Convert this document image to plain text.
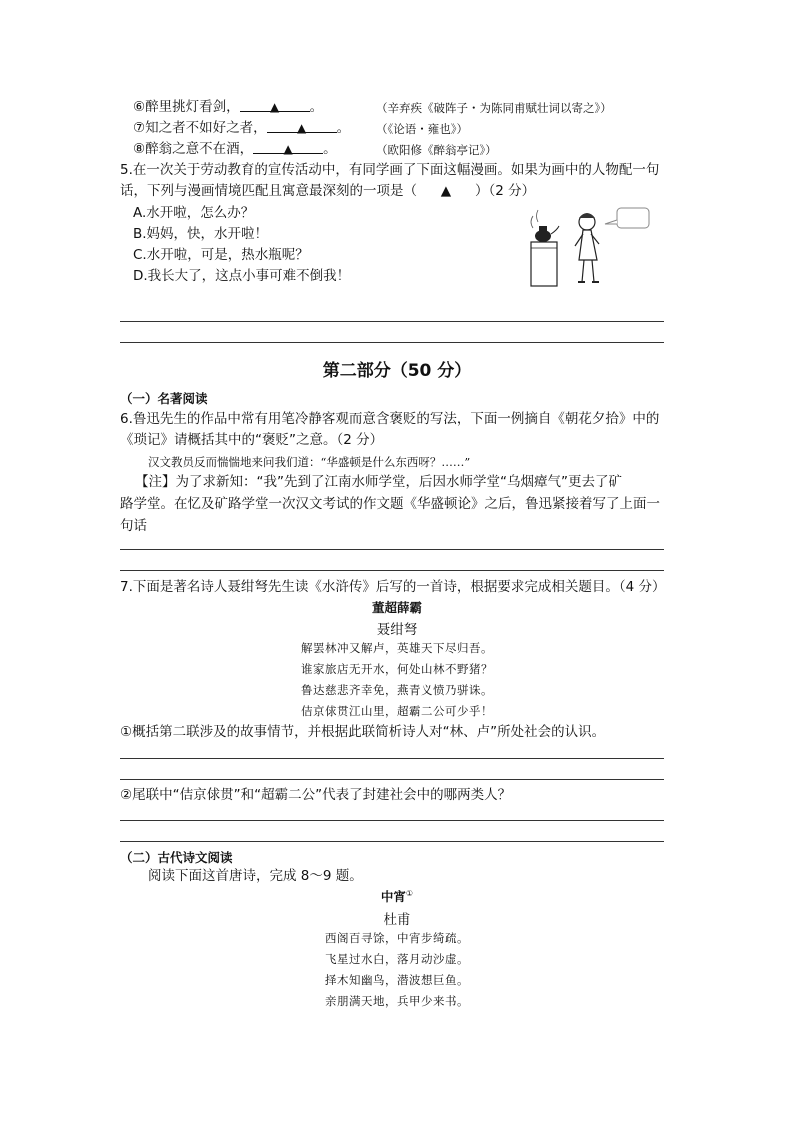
⑥醉里挑灯看剑，	▲ 。	（辛弃疾《破阵子・为陈同甫赋壮词以寄之》）
⑦知之者不如好之者，	▲ 。 （《论语・雍也》）
⑧醉翁之意不在酒，	▲ 。	（欧阳修《醉翁亭记》）
5.在一次关于劳动教育的宣传活动中，有同学画了下面这幅漫画。如果为画中的人物配一句
话，下列与漫画情境匹配且寓意最深刻的一项是（ ▲ ）（2 分）
A.水开啦，怎么办？
B.妈妈，快，水开啦！
C.水开啦，可是，热水瓶呢？
D.我长大了，这点小事可难不倒我！
第二部分（50 分）
（一）名著阅读
6.鲁迅先生的作品中常有用笔冷静客观而意含褒贬的写法，下面一例摘自《朝花夕拾》中的
《琐记》请概括其中的“褒贬”之意。（2 分）
汉文教员反而惴惴地来问我们道：“华盛顿是什么东西呀？……”
【注】为了求新知：“我”先到了江南水师学堂，后因水师学堂“乌烟瘴气”更去了矿
路学堂。在忆及矿路学堂一次汉文考试的作文题《华盛顿论》之后，鲁迅紧接着写了上面一
句话
7.下面是著名诗人聂绀弩先生读《水浒传》后写的一首诗，根据要求完成相关题目。（4 分）
董超薛霸
聂绀弩
解罢林冲又解卢，英雄天下尽归吾。
谁家旅店无开水，何处山林不野猪？
鲁达慈悲齐幸免，燕青义愤乃骈诛。
佶京俅贯江山里，超霸二公可少乎！
①概括第二联涉及的故事情节，并根据此联简析诗人对“林、卢”所处社会的认识。
②尾联中“佶京俅贯”和“超霸二公”代表了封建社会中的哪两类人？
（二）古代诗文阅读
阅读下面这首唐诗，完成 8～9 题。
中宵①
杜甫
西阁百寻馀，中宵步绮疏。
飞星过水白，落月动沙虚。
择木知幽鸟，潜波想巨鱼。
亲朋满天地，兵甲少来书。
